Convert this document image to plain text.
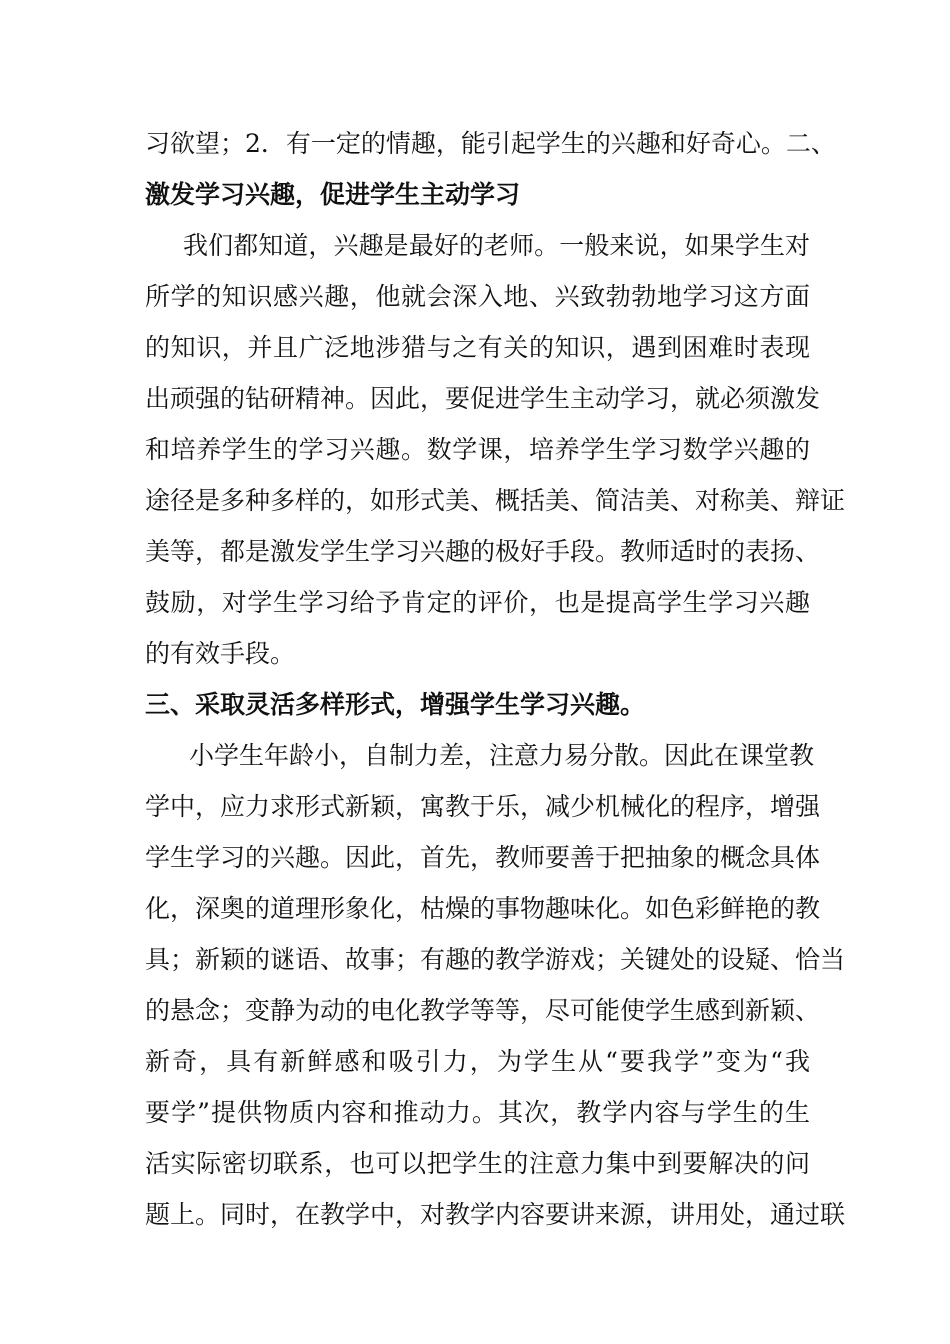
习欲望；2．有一定的情趣，能引起学生的兴趣和好奇心。二、
激发学习兴趣，促进学生主动学习
我们都知道，兴趣是最好的老师。一般来说，如果学生对
所学的知识感兴趣，他就会深入地、兴致勃勃地学习这方面
的知识，并且广泛地涉猎与之有关的知识，遇到困难时表现
出顽强的钻研精神。因此，要促进学生主动学习，就必须激发
和培养学生的学习兴趣。数学课，培养学生学习数学兴趣的
途径是多种多样的，如形式美、概括美、简洁美、对称美、辩证
美等，都是激发学生学习兴趣的极好手段。教师适时的表扬、
鼓励，对学生学习给予肯定的评价，也是提高学生学习兴趣
的有效手段。
三、采取灵活多样形式，增强学生学习兴趣。
小学生年龄小，自制力差，注意力易分散。因此在课堂教
学中，应力求形式新颖，寓教于乐，减少机械化的程序，增强
学生学习的兴趣。因此，首先，教师要善于把抽象的概念具体
化，深奥的道理形象化，枯燥的事物趣味化。如色彩鲜艳的教
具；新颖的谜语、故事；有趣的教学游戏；关键处的设疑、恰当
的悬念；变静为动的电化教学等等，尽可能使学生感到新颖、
新奇，具有新鲜感和吸引力，为学生从“要我学”变为“我
要学”提供物质内容和推动力。其次，教学内容与学生的生
活实际密切联系，也可以把学生的注意力集中到要解决的问
题上。同时，在教学中，对教学内容要讲来源，讲用处，通过联
